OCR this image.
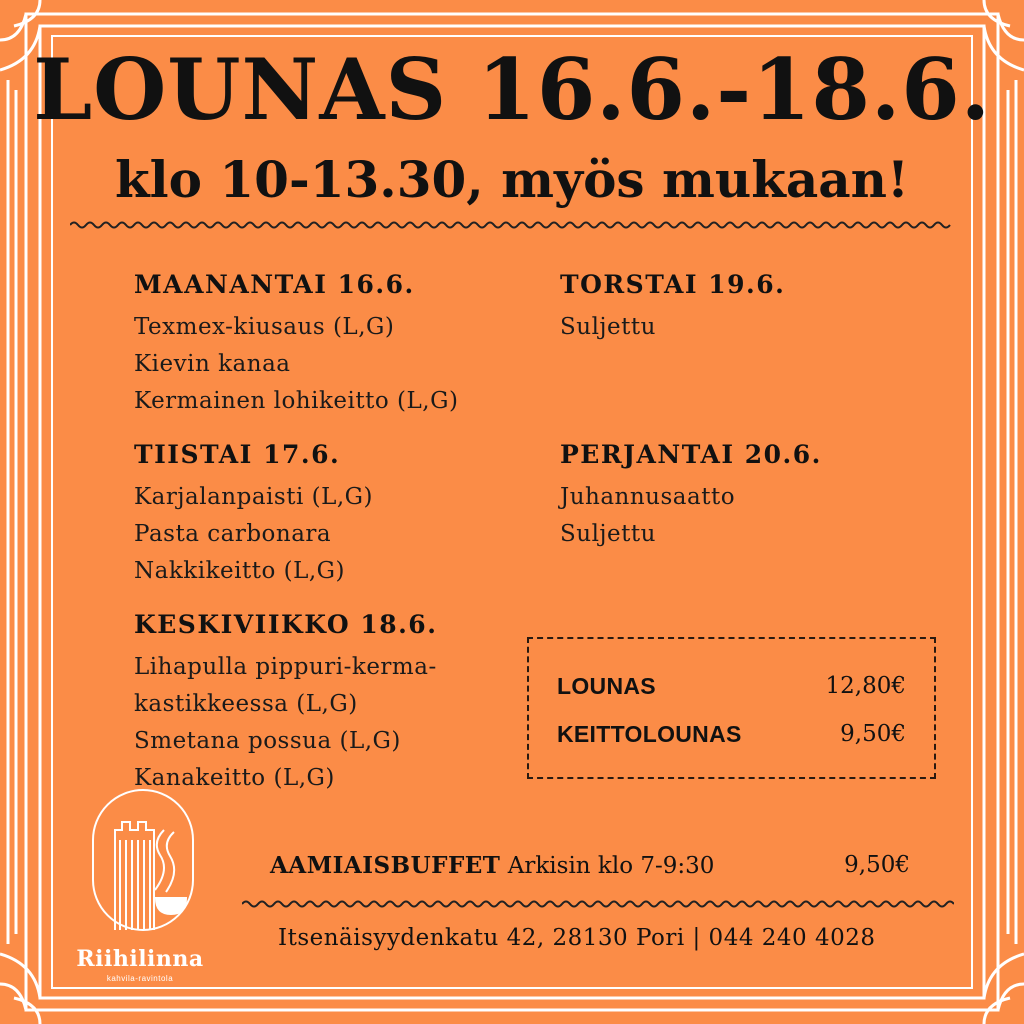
LOUNAS 16.6.-18.6.
klo 10-13.30, myös mukaan!
MAANANTAI 16.6.
Texmex-kiusaus (L,G)
Kievin kanaa
Kermainen lohikeitto (L,G)
TIISTAI 17.6.
Karjalanpaisti (L,G)
Pasta carbonara
Nakkikeitto (L,G)
KESKIVIIKKO 18.6.
Lihapulla pippuri-kerma-
kastikkeessa (L,G)
Smetana possua (L,G)
Kanakeitto (L,G)
TORSTAI 19.6.
Suljettu
PERJANTAI 20.6.
Juhannusaatto
Suljettu
LOUNAS	12,80€
KEITTOLOUNAS	9,50€
AAMIAISBUFFET Arkisin klo 7-9:30	9,50€
Itsenäisyydenkatu 42, 28130 Pori | 044 240 4028
Riihilinna
kahvila-ravintola
